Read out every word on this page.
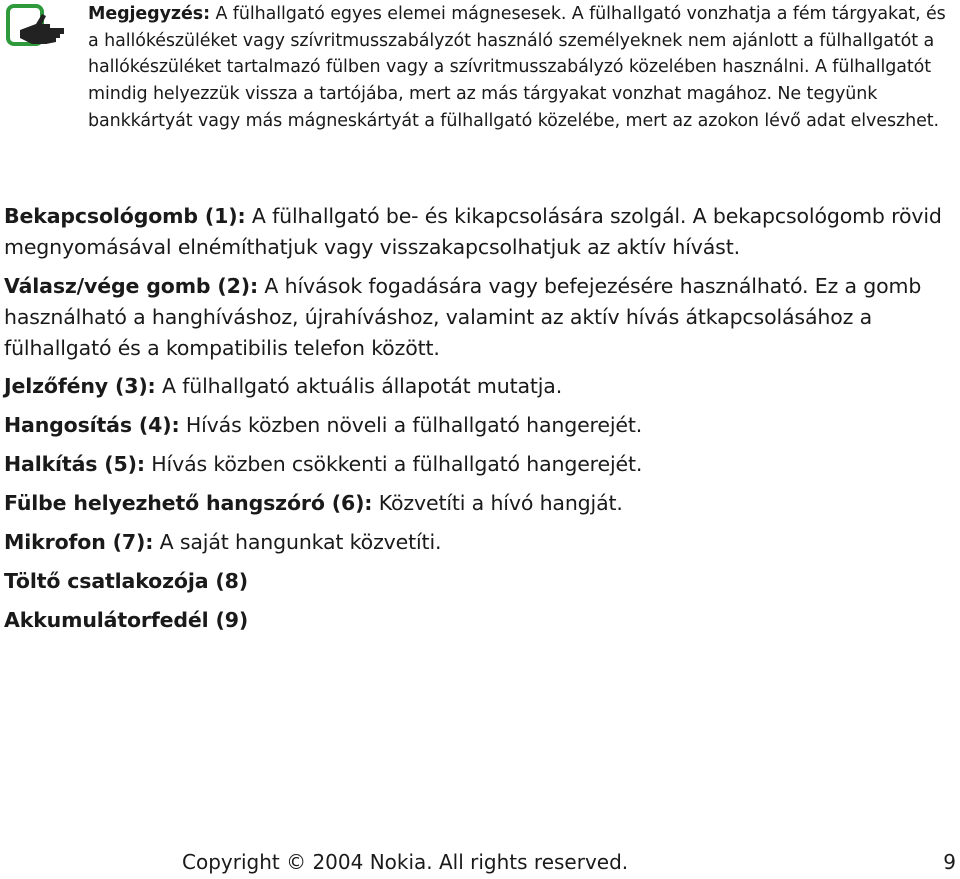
Megjegyzés: A fülhallgató egyes elemei mágnesesek. A fülhallgató vonzhatja a fém tárgyakat, és a hallókészüléket vagy szívritmusszabályzót használó személyeknek nem ajánlott a fülhallgatót a hallókészüléket tartalmazó fülben vagy a szívritmusszabályzó közelében használni. A fülhallgatót mindig helyezzük vissza a tartójába, mert az más tárgyakat vonzhat magához. Ne tegyünk bankkártyát vagy más mágneskártyát a fülhallgató közelébe, mert az azokon lévő adat elveszhet.

Bekapcsológomb (1): A fülhallgató be- és kikapcsolására szolgál. A bekapcsológomb rövid megnyomásával elnémíthatjuk vagy visszakapcsolhatjuk az aktív hívást.

Válasz/vége gomb (2): A hívások fogadására vagy befejezésére használható. Ez a gomb használható a hanghíváshoz, újrahíváshoz, valamint az aktív hívás átkapcsolásához a fülhallgató és a kompatibilis telefon között.

Jelzőfény (3): A fülhallgató aktuális állapotát mutatja.

Hangosítás (4): Hívás közben növeli a fülhallgató hangerejét.

Halkítás (5): Hívás közben csökkenti a fülhallgató hangerejét.

Fülbe helyezhető hangszóró (6): Közvetíti a hívó hangját.

Mikrofon (7): A saját hangunkat közvetíti.

Töltő csatlakozója (8)

Akkumulátorfedél (9)

Copyright © 2004 Nokia. All rights reserved.	9
